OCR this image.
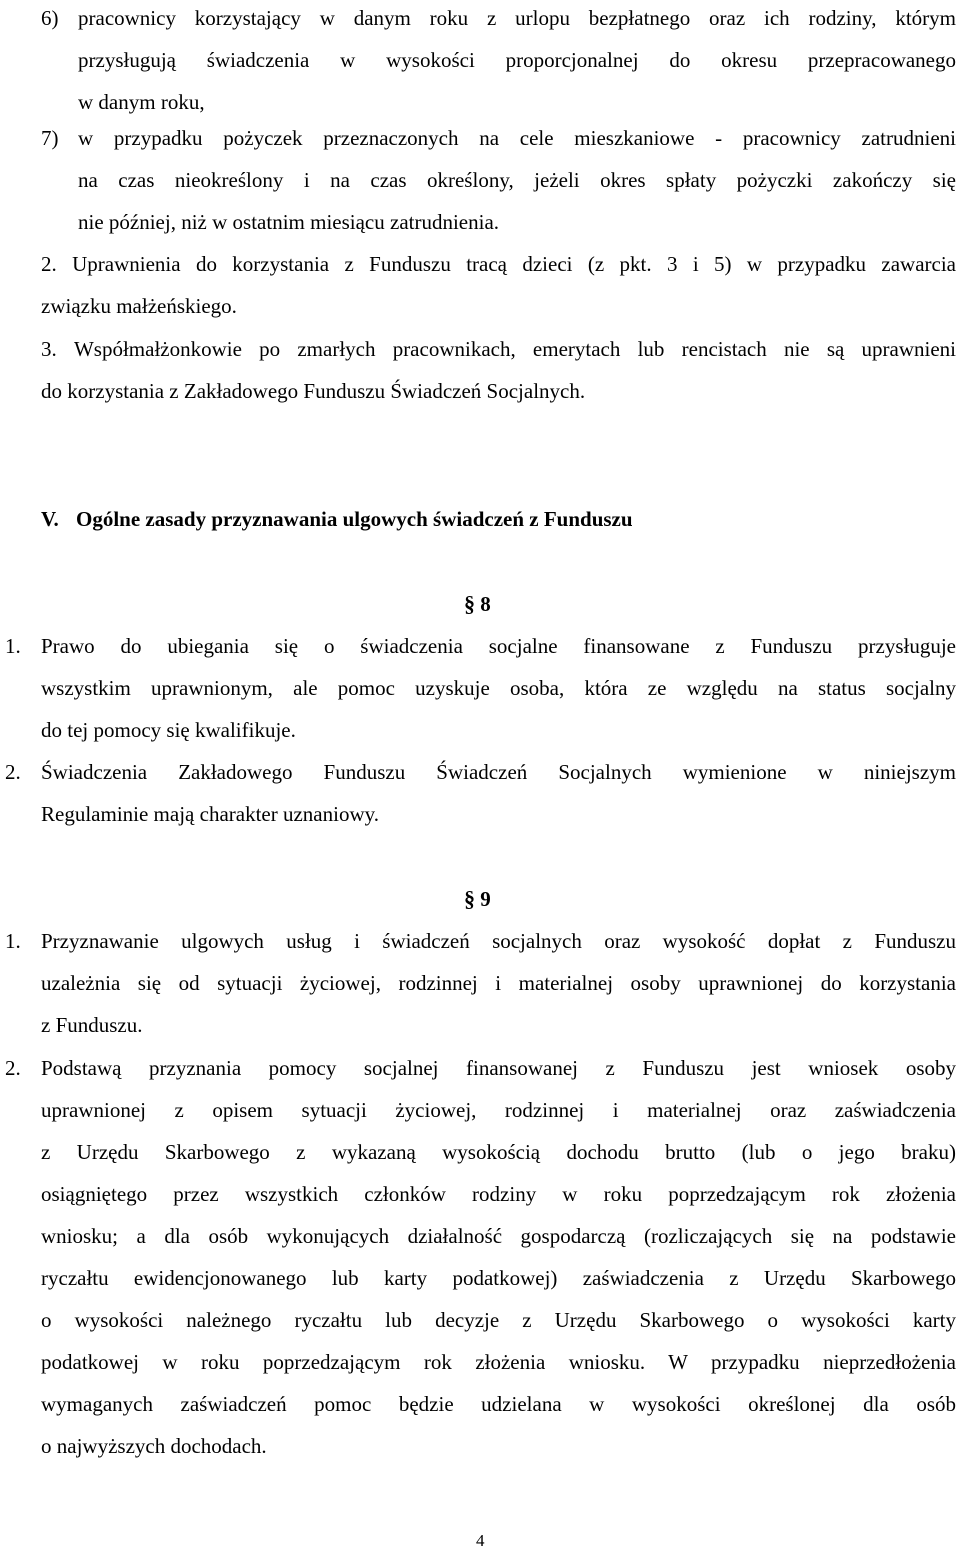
6) pracownicy korzystający w danym roku z urlopu bezpłatnego oraz ich rodziny, którym
przysługują świadczenia w wysokości proporcjonalnej do okresu przepracowanego
w danym roku,
7) w przypadku pożyczek przeznaczonych na cele mieszkaniowe - pracownicy zatrudnieni
na czas nieokreślony i na czas określony, jeżeli okres spłaty pożyczki zakończy się
nie później, niż w ostatnim miesiącu zatrudnienia.
2. Uprawnienia do korzystania z Funduszu tracą dzieci (z pkt. 3 i 5) w przypadku zawarcia
związku małżeńskiego.
3. Współmałżonkowie po zmarłych pracownikach, emerytach lub rencistach nie są uprawnieni
do korzystania z Zakładowego Funduszu Świadczeń Socjalnych.
V. Ogólne zasady przyznawania ulgowych świadczeń z Funduszu
§ 8
1. Prawo do ubiegania się o świadczenia socjalne finansowane z Funduszu przysługuje
wszystkim uprawnionym, ale pomoc uzyskuje osoba, która ze względu na status socjalny
do tej pomocy się kwalifikuje.
2. Świadczenia Zakładowego Funduszu Świadczeń Socjalnych wymienione w niniejszym
Regulaminie mają charakter uznaniowy.
§ 9
1. Przyznawanie ulgowych usług i świadczeń socjalnych oraz wysokość dopłat z Funduszu
uzależnia się od sytuacji życiowej, rodzinnej i materialnej osoby uprawnionej do korzystania
z Funduszu.
2. Podstawą przyznania pomocy socjalnej finansowanej z Funduszu jest wniosek osoby
uprawnionej z opisem sytuacji życiowej, rodzinnej i materialnej oraz zaświadczenia
z Urzędu Skarbowego z wykazaną wysokością dochodu brutto (lub o jego braku)
osiągniętego przez wszystkich członków rodziny w roku poprzedzającym rok złożenia
wniosku; a dla osób wykonujących działalność gospodarczą (rozliczających się na podstawie
ryczałtu ewidencjonowanego lub karty podatkowej) zaświadczenia z Urzędu Skarbowego
o wysokości należnego ryczałtu lub decyzje z Urzędu Skarbowego o wysokości karty
podatkowej w roku poprzedzającym rok złożenia wniosku. W przypadku nieprzedłożenia
wymaganych zaświadczeń pomoc będzie udzielana w wysokości określonej dla osób
o najwyższych dochodach.
4
